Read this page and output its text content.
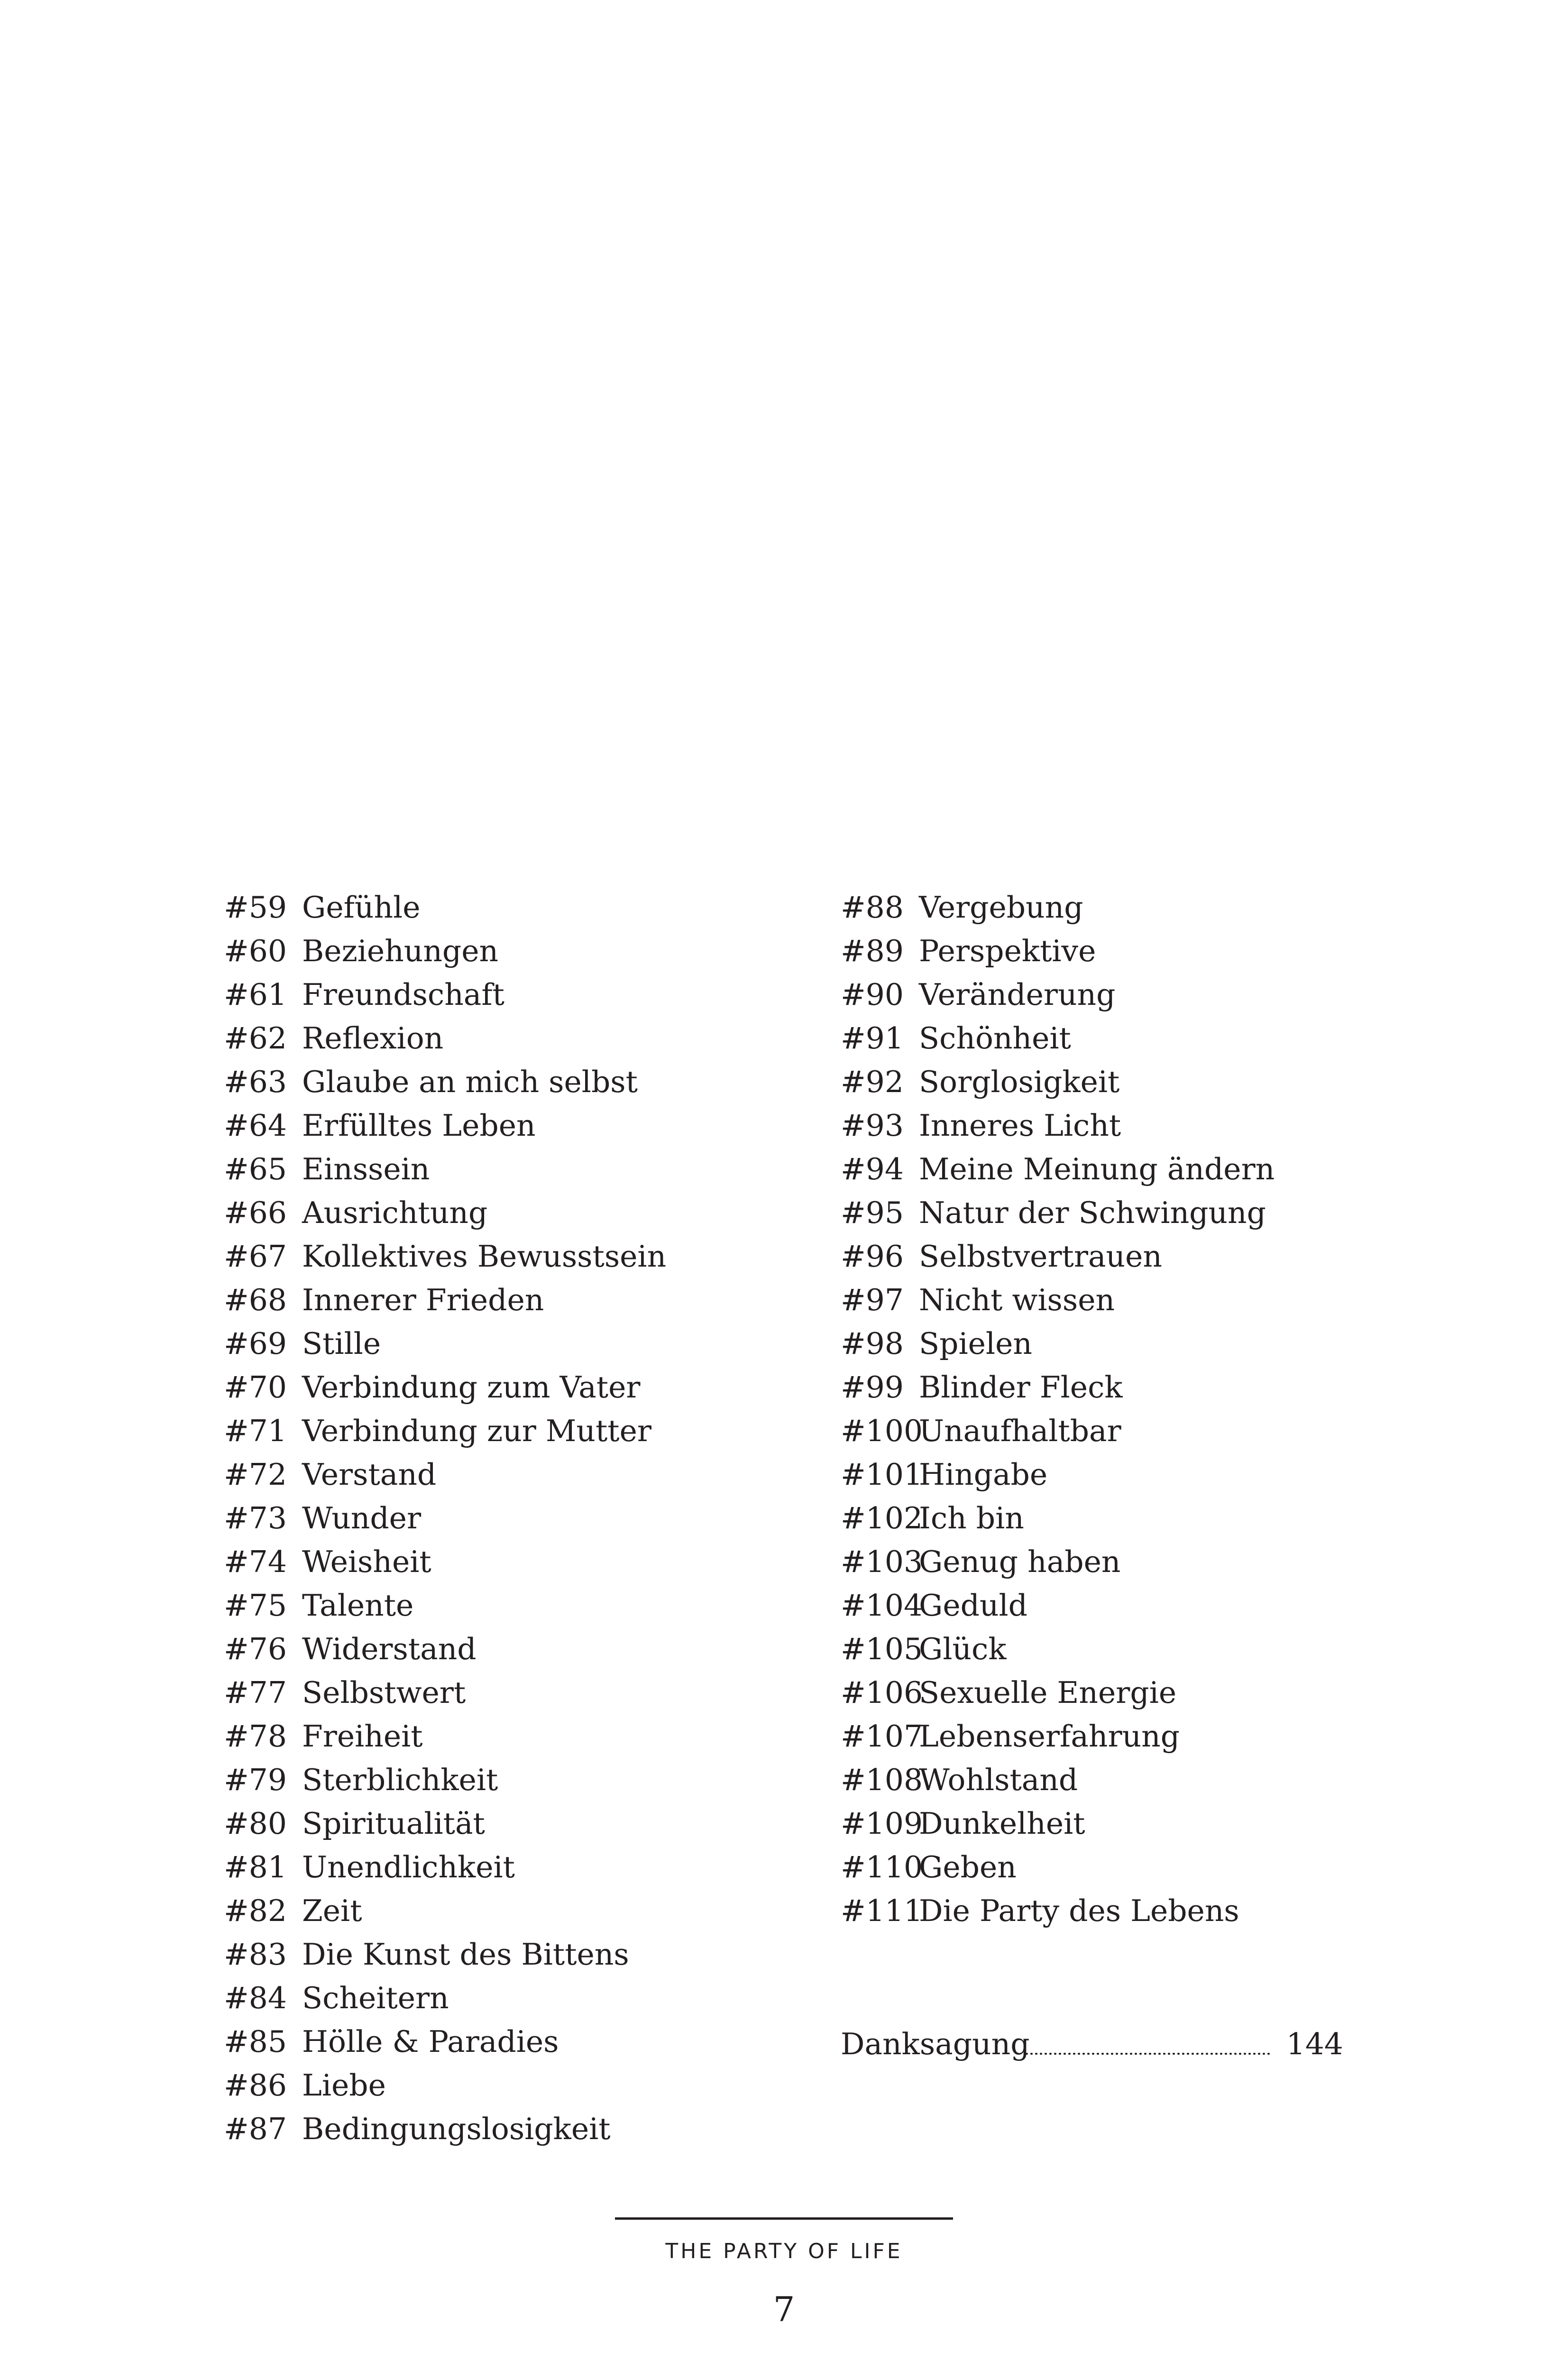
#59 Gefühle
#60 Beziehungen
#61 Freundschaft
#62 Reflexion
#63 Glaube an mich selbst
#64 Erfülltes Leben
#65 Einssein
#66 Ausrichtung
#67 Kollektives Bewusstsein
#68 Innerer Frieden
#69 Stille
#70 Verbindung zum Vater
#71 Verbindung zur Mutter
#72 Verstand
#73 Wunder
#74 Weisheit
#75 Talente
#76 Widerstand
#77 Selbstwert
#78 Freiheit
#79 Sterblichkeit
#80 Spiritualität
#81 Unendlichkeit
#82 Zeit
#83 Die Kunst des Bittens
#84 Scheitern
#85 Hölle & Paradies
#86 Liebe
#87 Bedingungslosigkeit
#88 Vergebung
#89 Perspektive
#90 Veränderung
#91 Schönheit
#92 Sorglosigkeit
#93 Inneres Licht
#94 Meine Meinung ändern
#95 Natur der Schwingung
#96 Selbstvertrauen
#97 Nicht wissen
#98 Spielen
#99 Blinder Fleck
#100
Unaufhaltbar
#101
Hingabe
#102
Ich bin
#103
Genug haben
#104
Geduld
#105
Glück
#106
Sexuelle Energie
#107
Lebenserfahrung
#108
Wohlstand
#109
Dunkelheit
#110
Geben
#111
Die Party des Lebens
Danksagung	144
THE PARTY OF LIFE
7
